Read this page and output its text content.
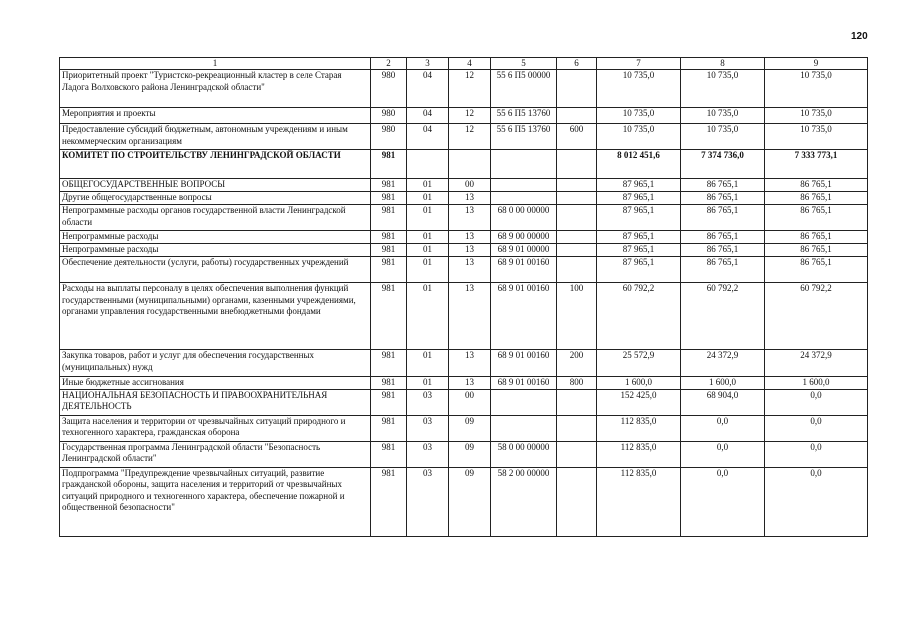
120
1	2	3	4	5	6	7	8	9
Приоритетный проект "Туристско-рекреационный кластер в селе Старая Ладога Волховского района Ленинградской области"	980	04	12	55 6 П5 00000		10 735,0	10 735,0	10 735,0
Мероприятия и проекты	980	04	12	55 6 П5 13760		10 735,0	10 735,0	10 735,0
Предоставление субсидий бюджетным, автономным учреждениям и иным некоммерческим организациям	980	04	12	55 6 П5 13760	600	10 735,0	10 735,0	10 735,0
КОМИТЕТ ПО СТРОИТЕЛЬСТВУ ЛЕНИНГРАДСКОЙ ОБЛАСТИ	981					8 012 451,6	7 374 736,0	7 333 773,1
ОБЩЕГОСУДАРСТВЕННЫЕ ВОПРОСЫ	981	01	00			87 965,1	86 765,1	86 765,1
Другие общегосударственные вопросы	981	01	13			87 965,1	86 765,1	86 765,1
Непрограммные расходы органов государственной власти Ленинградской области	981	01	13	68 0 00 00000		87 965,1	86 765,1	86 765,1
Непрограммные расходы	981	01	13	68 9 00 00000		87 965,1	86 765,1	86 765,1
Непрограммные расходы	981	01	13	68 9 01 00000		87 965,1	86 765,1	86 765,1
Обеспечение деятельности (услуги, работы) государственных учреждений	981	01	13	68 9 01 00160		87 965,1	86 765,1	86 765,1
Расходы на выплаты персоналу в целях обеспечения выполнения функций государственными (муниципальными) органами, казенными учреждениями, органами управления государственными внебюджетными фондами	981	01	13	68 9 01 00160	100	60 792,2	60 792,2	60 792,2
Закупка товаров, работ и услуг для обеспечения государственных (муниципальных) нужд	981	01	13	68 9 01 00160	200	25 572,9	24 372,9	24 372,9
Иные бюджетные ассигнования	981	01	13	68 9 01 00160	800	1 600,0	1 600,0	1 600,0
НАЦИОНАЛЬНАЯ БЕЗОПАСНОСТЬ И ПРАВООХРАНИТЕЛЬНАЯ ДЕЯТЕЛЬНОСТЬ	981	03	00			152 425,0	68 904,0	0,0
Защита населения и территории от чрезвычайных ситуаций природного и техногенного характера, гражданская оборона	981	03	09			112 835,0	0,0	0,0
Государственная программа Ленинградской области "Безопасность Ленинградской области"	981	03	09	58 0 00 00000		112 835,0	0,0	0,0
Подпрограмма "Предупреждение чрезвычайных ситуаций, развитие гражданской обороны, защита населения и территорий от чрезвычайных ситуаций природного и техногенного характера, обеспечение пожарной и общественной безопасности"	981	03	09	58 2 00 00000		112 835,0	0,0	0,0
